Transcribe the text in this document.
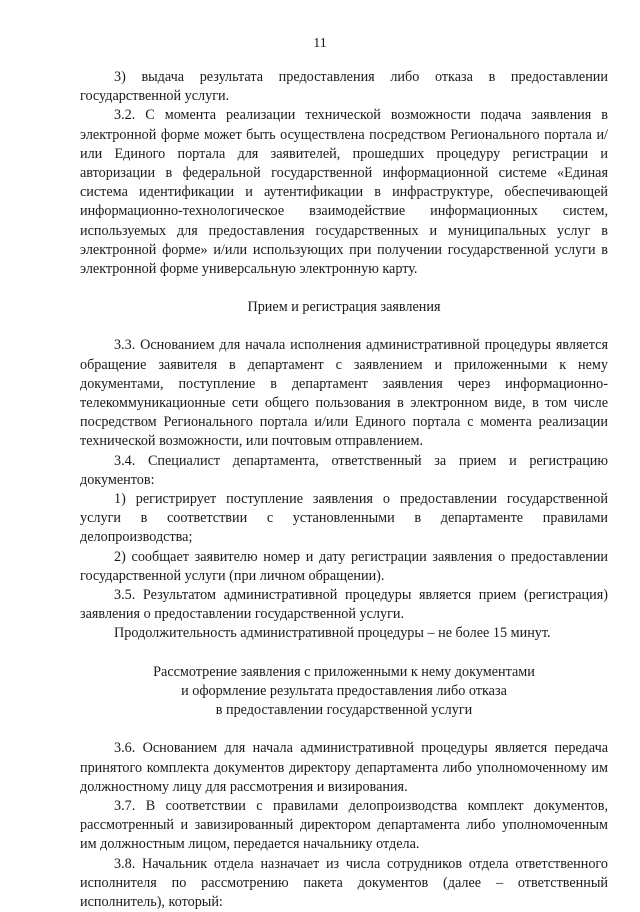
11

3) выдача результата предоставления либо отказа в предоставлении государственной услуги.

3.2. С момента реализации технической возможности подача заявления в электронной форме может быть осуществлена посредством Регионального портала и/или Единого портала для заявителей, прошедших процедуру регистрации и авторизации в федеральной государственной информационной системе «Единая система идентификации и аутентификации в инфраструктуре, обеспечивающей информационно-технологическое взаимодействие информационных систем, используемых для предоставления государственных и муниципальных услуг в электронной форме» и/или использующих при получении государственной услуги в электронной форме универсальную электронную карту.

Прием и регистрация заявления

3.3. Основанием для начала исполнения административной процедуры является обращение заявителя в департамент с заявлением и приложенными к нему документами, поступление в департамент заявления через информационно-телекоммуникационные сети общего пользования в электронном виде, в том числе посредством Регионального портала и/или Единого портала с момента реализации технической возможности, или почтовым отправлением.

3.4. Специалист департамента, ответственный за прием и регистрацию документов:

1) регистрирует поступление заявления о предоставлении государственной услуги в соответствии с установленными в департаменте правилами делопроизводства;

2) сообщает заявителю номер и дату регистрации заявления о предоставлении государственной услуги (при личном обращении).

3.5. Результатом административной процедуры является прием (регистрация) заявления о предоставлении государственной услуги.

Продолжительность административной процедуры – не более 15 минут.

Рассмотрение заявления с приложенными к нему документами
и оформление результата предоставления либо отказа
в предоставлении государственной услуги

3.6. Основанием для начала административной процедуры является передача принятого комплекта документов директору департамента либо уполномоченному им должностному лицу для рассмотрения и визирования.

3.7. В соответствии с правилами делопроизводства комплект документов, рассмотренный и завизированный директором департамента либо уполномоченным им должностным лицом, передается начальнику отдела.

3.8. Начальник отдела назначает из числа сотрудников отдела ответственного исполнителя по рассмотрению пакета документов (далее – ответственный исполнитель), который:
